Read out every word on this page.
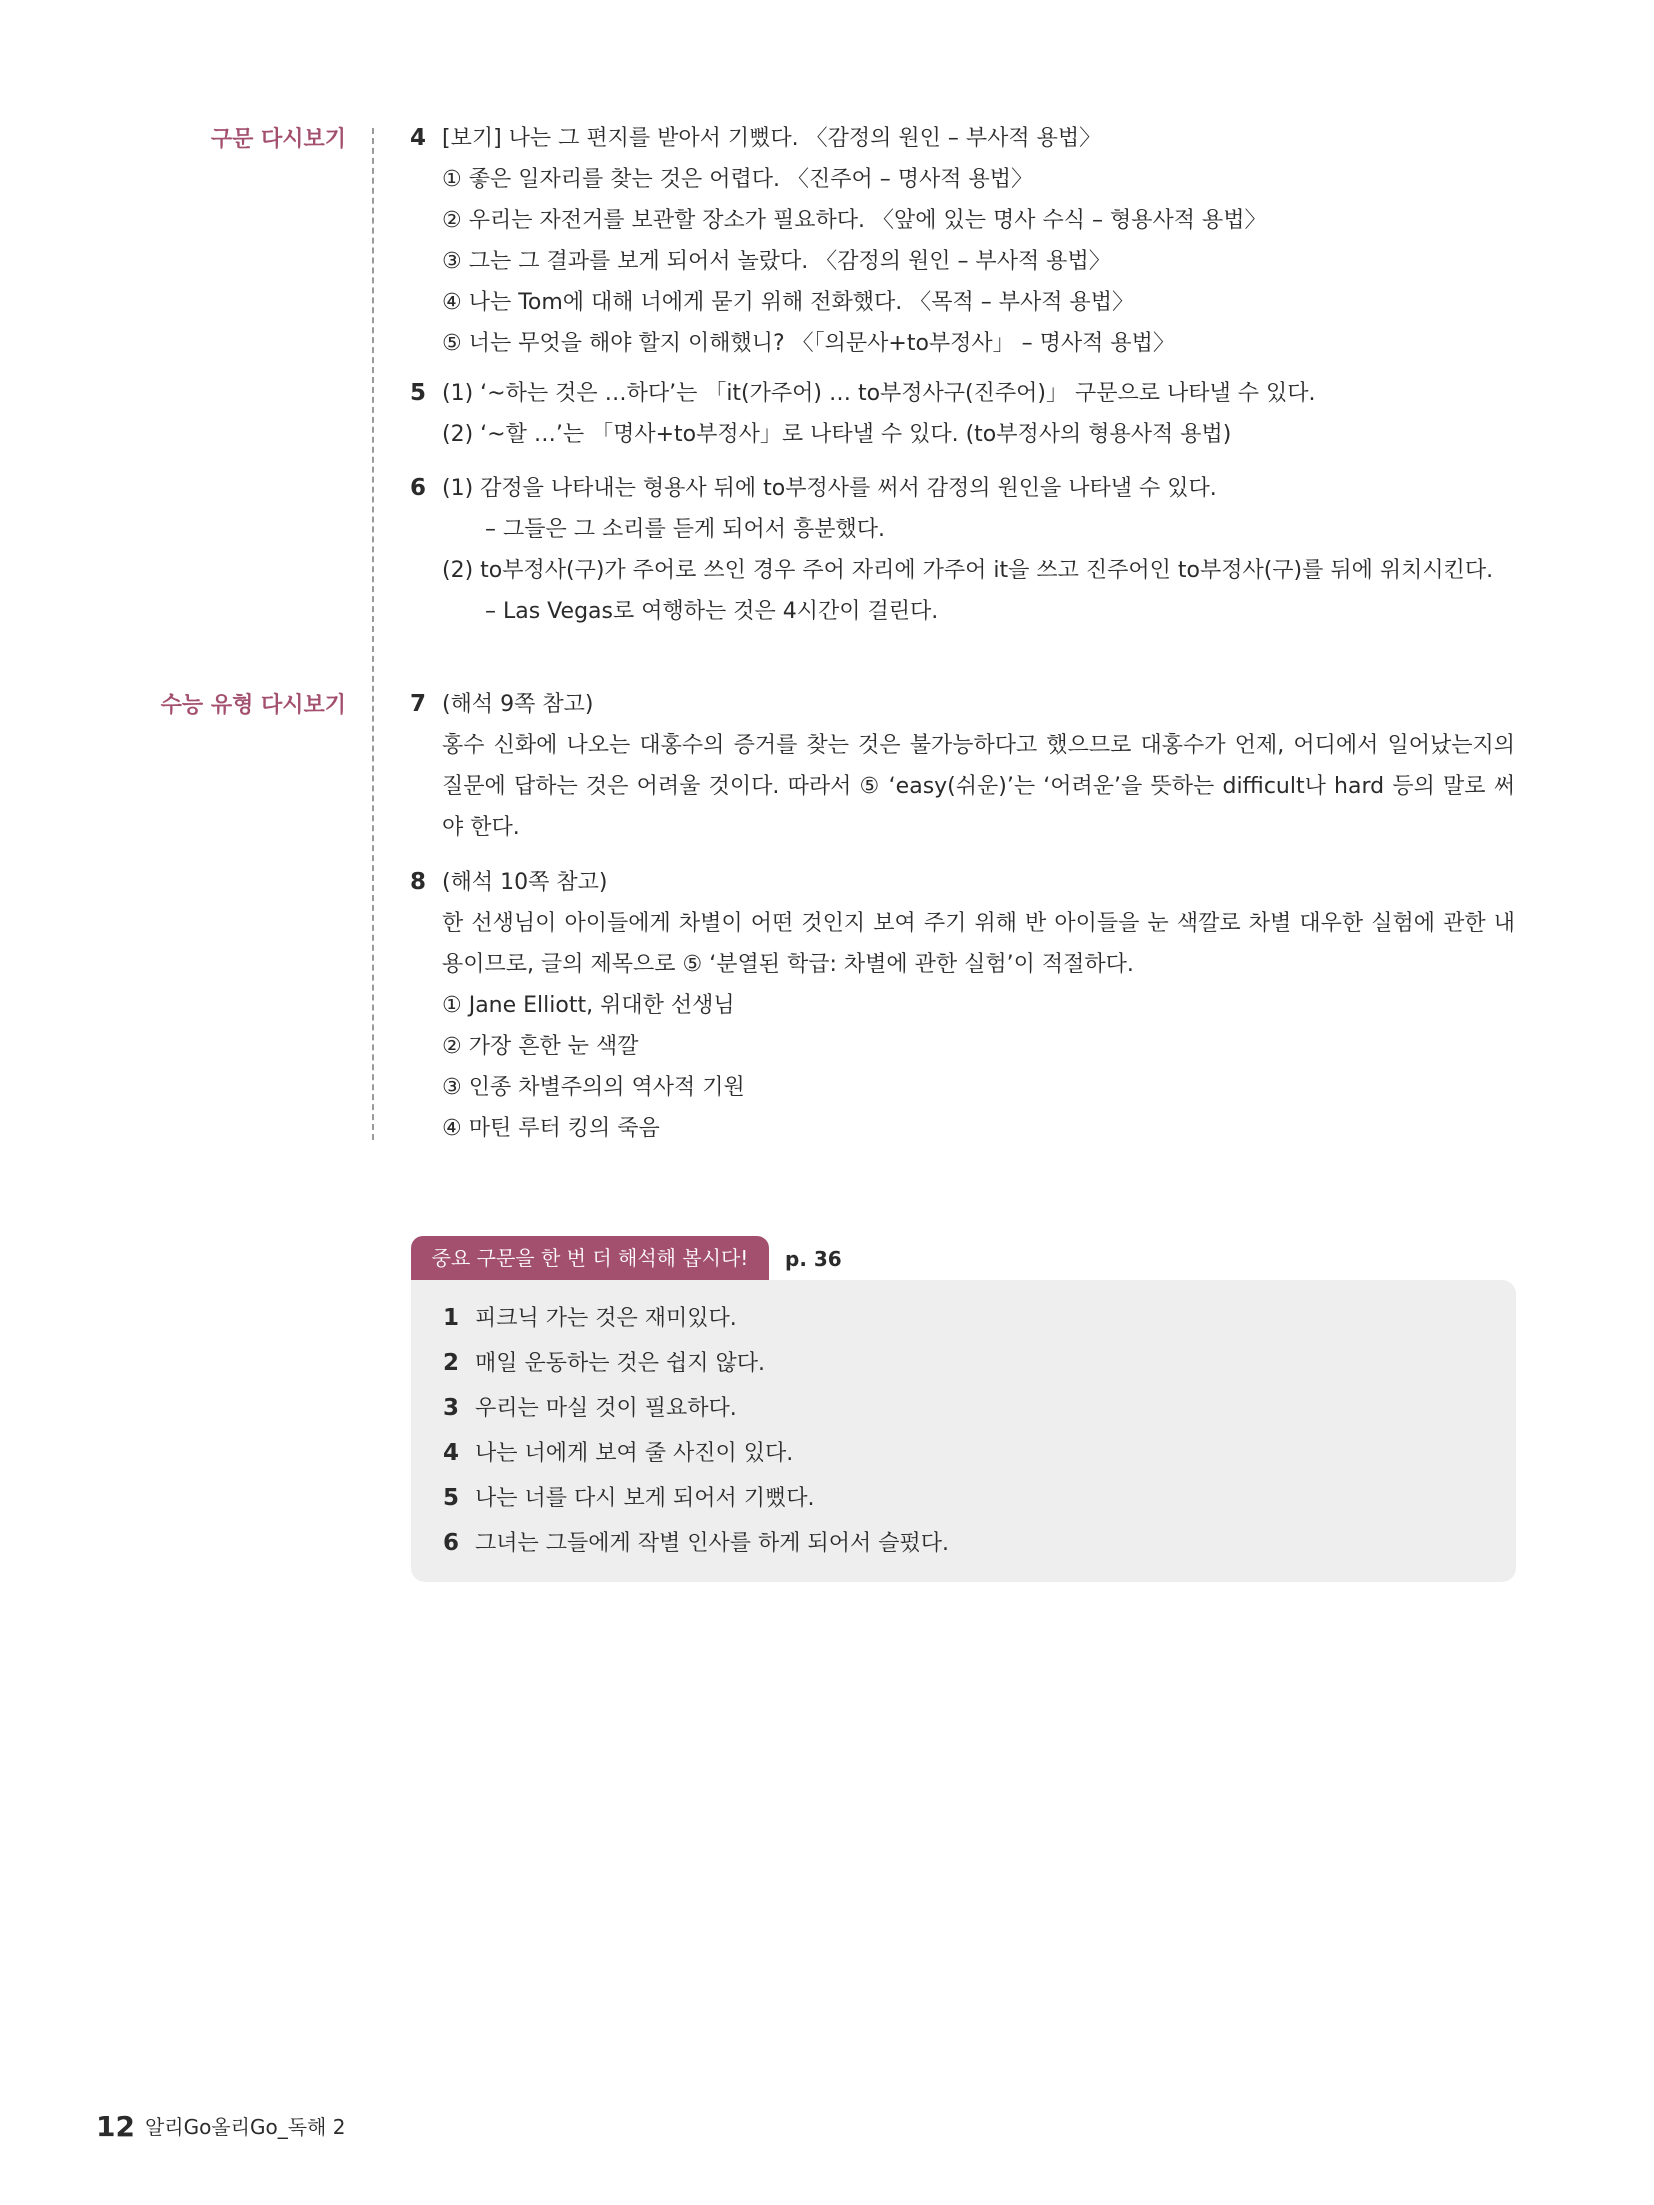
구문 다시보기
수능 유형 다시보기
4 [보기] 나는 그 편지를 받아서 기뻤다. 〈감정의 원인 – 부사적 용법〉
① 좋은 일자리를 찾는 것은 어렵다. 〈진주어 – 명사적 용법〉
② 우리는 자전거를 보관할 장소가 필요하다. 〈앞에 있는 명사 수식 – 형용사적 용법〉
③ 그는 그 결과를 보게 되어서 놀랐다. 〈감정의 원인 – 부사적 용법〉
④ 나는 Tom에 대해 너에게 묻기 위해 전화했다. 〈목적 – 부사적 용법〉
⑤ 너는 무엇을 해야 할지 이해했니? 〈「의문사+to부정사」 – 명사적 용법〉
5 (1) ‘~하는 것은 …하다’는 「it(가주어) … to부정사구(진주어)」 구문으로 나타낼 수 있다.
(2) ‘~할 …’는 「명사+to부정사」로 나타낼 수 있다. (to부정사의 형용사적 용법)
6 (1) 감정을 나타내는 형용사 뒤에 to부정사를 써서 감정의 원인을 나타낼 수 있다.
– 그들은 그 소리를 듣게 되어서 흥분했다.
(2) to부정사(구)가 주어로 쓰인 경우 주어 자리에 가주어 it을 쓰고 진주어인 to부정사(구)를 뒤에 위치시킨다.
– Las Vegas로 여행하는 것은 4시간이 걸린다.
7 (해석 9쪽 참고)
홍수 신화에 나오는 대홍수의 증거를 찾는 것은 불가능하다고 했으므로 대홍수가 언제, 어디에서 일어났는지의 질문에 답하는 것은 어려울 것이다. 따라서 ⑤ ‘easy(쉬운)’는 ‘어려운’을 뜻하는 difficult나 hard 등의 말로 써야 한다.
8 (해석 10쪽 참고)
한 선생님이 아이들에게 차별이 어떤 것인지 보여 주기 위해 반 아이들을 눈 색깔로 차별 대우한 실험에 관한 내용이므로, 글의 제목으로 ⑤ ‘분열된 학급: 차별에 관한 실험’이 적절하다.
① Jane Elliott, 위대한 선생님
② 가장 흔한 눈 색깔
③ 인종 차별주의의 역사적 기원
④ 마틴 루터 킹의 죽음
중요 구문을 한 번 더 해석해 봅시다!	p. 36
1 피크닉 가는 것은 재미있다.
2 매일 운동하는 것은 쉽지 않다.
3 우리는 마실 것이 필요하다.
4 나는 너에게 보여 줄 사진이 있다.
5 나는 너를 다시 보게 되어서 기뻤다.
6 그녀는 그들에게 작별 인사를 하게 되어서 슬펐다.
12 알리Go올리Go_독해 2
